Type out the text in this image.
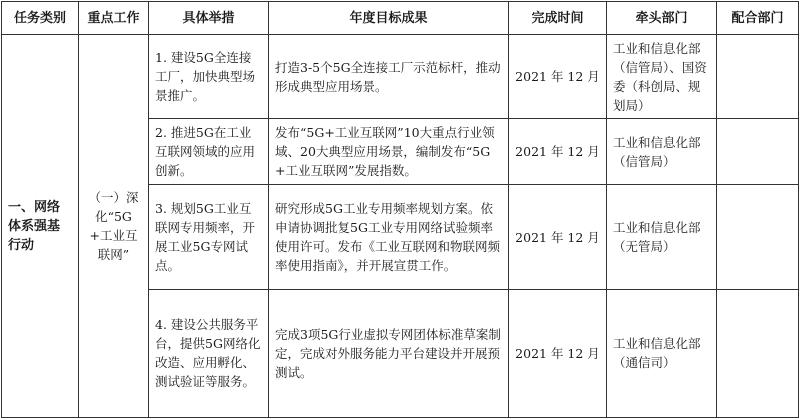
任务类别	重点工作	具体举措	年度目标成果	完成时间	牵头部门	配合部门
一、网络体系强基行动	（一）深化“5G+工业互联网”	1. 建设5G全连接工厂，加快典型场景推广。	打造3-5个5G全连接工厂示范标杆，推动形成典型应用场景。	2021 年 12 月	工业和信息化部（信管局）、国资委（科创局、规划局）	
		2. 推进5G在工业互联网领域的应用创新。	发布“5G+工业互联网”10大重点行业领域、20大典型应用场景，编制发布“5G+工业互联网”发展指数。	2021 年 12 月	工业和信息化部（信管局）	
		3. 规划5G工业互联网专用频率，开展工业5G专网试点。	研究形成5G工业专用频率规划方案。依申请协调批复5G工业专用网络试验频率使用许可。发布《工业互联网和物联网频率使用指南》，并开展宣贯工作。	2021 年 12 月	工业和信息化部（无管局）	
		4. 建设公共服务平台，提供5G网络化改造、应用孵化、测试验证等服务。	完成3项5G行业虚拟专网团体标准草案制定，完成对外服务能力平台建设并开展预测试。	2021 年 12 月	工业和信息化部（通信司）	
